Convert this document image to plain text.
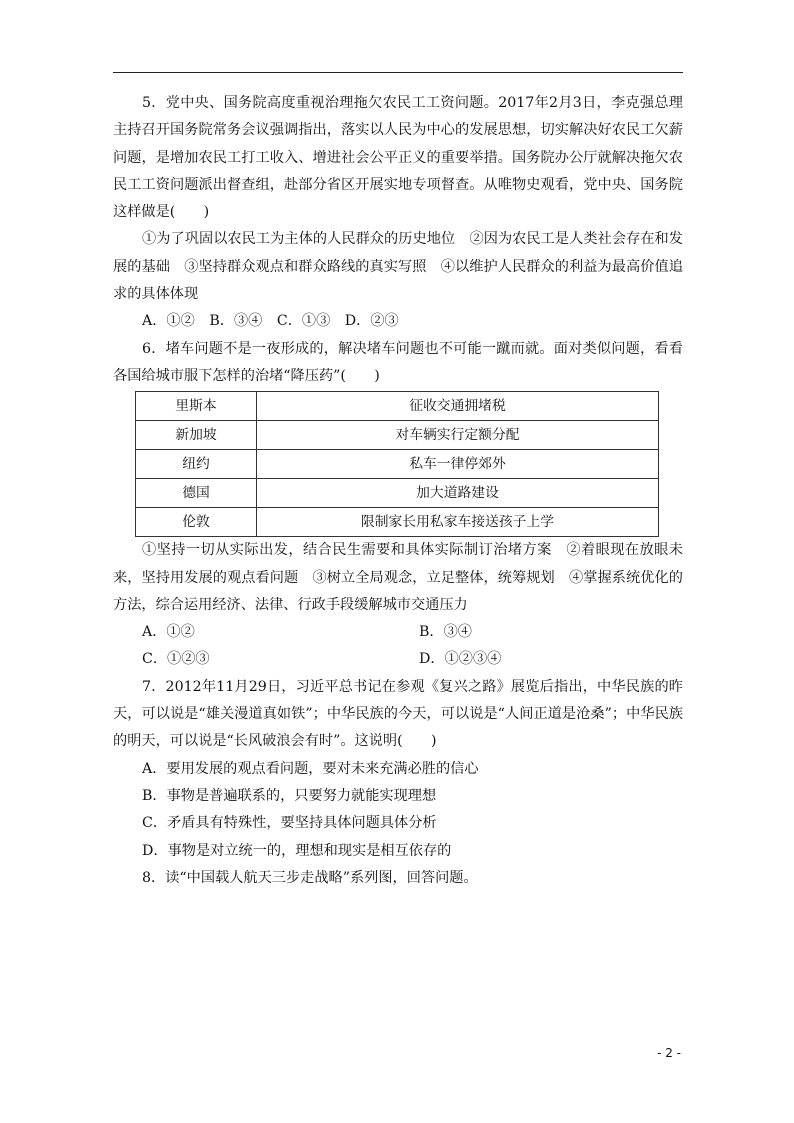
5．党中央、国务院高度重视治理拖欠农民工工资问题。2017年2月3日，李克强总理主持召开国务院常务会议强调指出，落实以人民为中心的发展思想，切实解决好农民工欠薪问题，是增加农民工打工收入、增进社会公平正义的重要举措。国务院办公厅就解决拖欠农民工工资问题派出督查组，赴部分省区开展实地专项督查。从唯物史观看，党中央、国务院这样做是(　　)

①为了巩固以农民工为主体的人民群众的历史地位　②因为农民工是人类社会存在和发展的基础　③坚持群众观点和群众路线的真实写照　④以维护人民群众的利益为最高价值追求的具体体现

A．①② B．③④ C．①③ D．②③

6．堵车问题不是一夜形成的，解决堵车问题也不可能一蹴而就。面对类似问题，看看各国给城市服下怎样的治堵“降压药”(　　)

里斯本	征收交通拥堵税
新加坡	对车辆实行定额分配
纽约	私车一律停郊外
德国	加大道路建设
伦敦	限制家长用私家车接送孩子上学

①坚持一切从实际出发，结合民生需要和具体实际制订治堵方案　②着眼现在放眼未来，坚持用发展的观点看问题　③树立全局观念，立足整体，统筹规划　④掌握系统优化的方法，综合运用经济、法律、行政手段缓解城市交通压力

A．①②	B．③④
C．①②③	D．①②③④

7．2012年11月29日，习近平总书记在参观《复兴之路》展览后指出，中华民族的昨天，可以说是“雄关漫道真如铁”；中华民族的今天，可以说是“人间正道是沧桑”；中华民族的明天，可以说是“长风破浪会有时”。这说明(　　)

A．要用发展的观点看问题，要对未来充满必胜的信心

B．事物是普遍联系的，只要努力就能实现理想

C．矛盾具有特殊性，要坚持具体问题具体分析

D．事物是对立统一的，理想和现实是相互依存的

8．读“中国载人航天三步走战略”系列图，回答问题。

- 2 -
